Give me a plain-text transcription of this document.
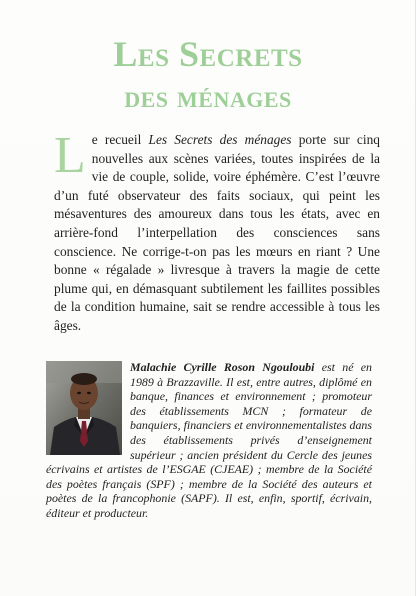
Les Secrets
des ménages
Le recueil Les Secrets des ménages porte sur cinq nouvelles aux scènes variées, toutes inspirées de la vie de couple, solide, voire éphémère. C’est l’œuvre d’un futé observateur des faits sociaux, qui peint les mésaventures des amoureux dans tous les états, avec en arrière-fond l’interpellation des consciences sans conscience. Ne corrige-t-on pas les mœurs en riant ? Une bonne « régalade » livresque à travers la magie de cette plume qui, en démasquant subtilement les faillites possibles de la condition humaine, sait se rendre accessible à tous les âges.
Malachie Cyrille Roson Ngouloubi est né en 1989 à Brazzaville. Il est, entre autres, diplômé en banque, finances et environnement ; promoteur des établissements MCN ; formateur de banquiers, financiers et environnementalistes dans des établissements privés d’enseignement supérieur ; ancien président du Cercle des jeunes écrivains et artistes de l’ESGAE (CJEAE) ; membre de la Société des poètes français (SPF) ; membre de la Société des auteurs et poètes de la francophonie (SAPF). Il est, enfin, sportif, écrivain, éditeur et producteur.
